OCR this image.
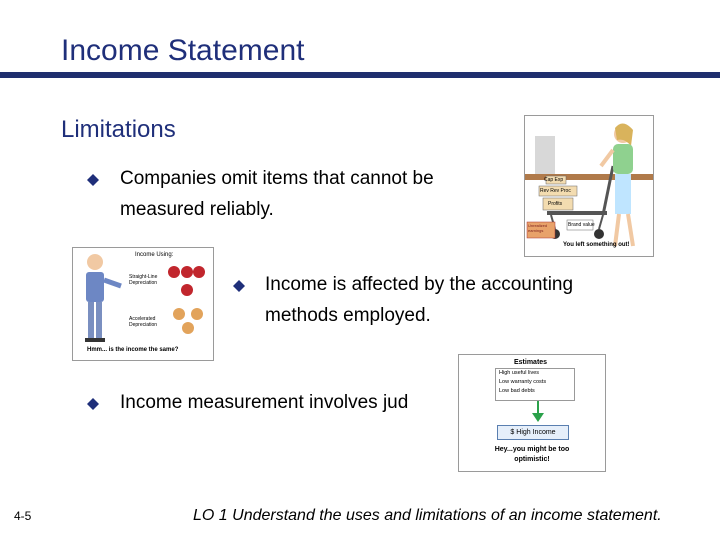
Income Statement
Limitations
Companies omit items that cannot be
measured reliably.
Income is affected by the accounting
methods employed.
Income measurement involves jud
Cap Exp
Rev Rev Proc
Profits
Unrealized earnings
Brand value
You left something out!
Income Using:
Straight-Line Depreciation
Accelerated Depreciation
Hmm... is the income the same?
Estimates
High useful lives
Low warranty costs
Low bad debts
$ High Income
Hey...you might be too
optimistic!
4-5	LO 1 Understand the uses and limitations of an income statement.
